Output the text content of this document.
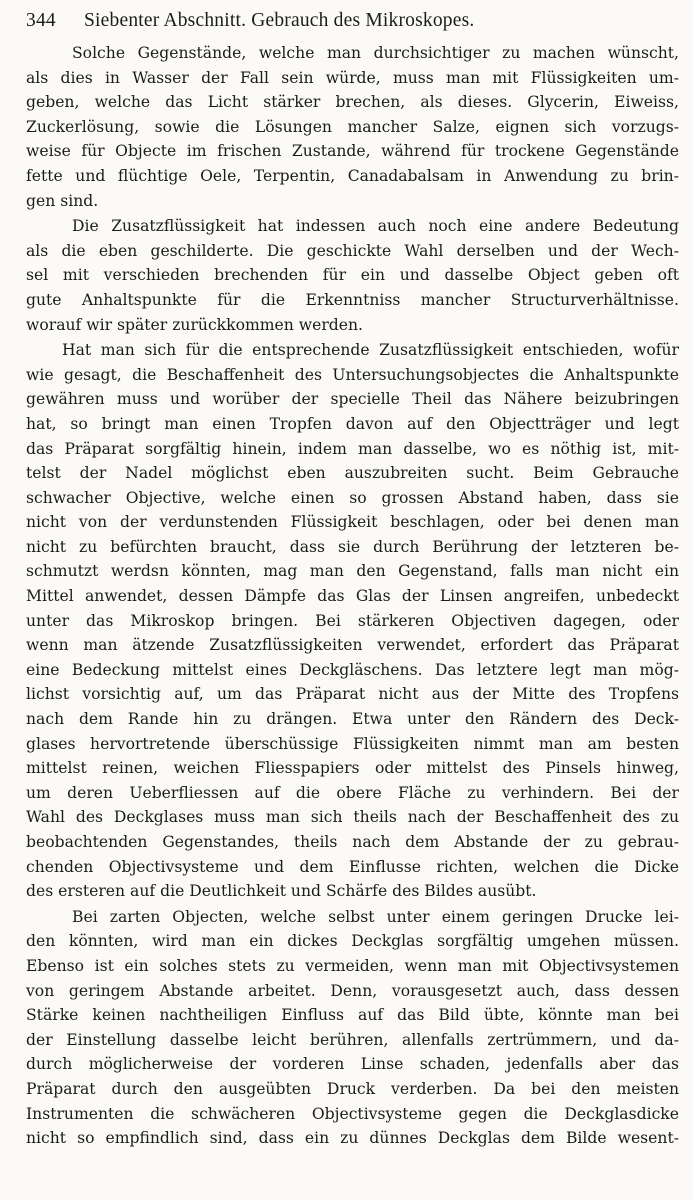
344	Siebenter Abschnitt. Gebrauch des Mikroskopes.
Solche Gegenstände, welche man durchsichtiger zu machen wünscht,
als dies in Wasser der Fall sein würde, muss man mit Flüssigkeiten um-
geben, welche das Licht stärker brechen, als dieses. Glycerin, Eiweiss,
Zuckerlösung, sowie die Lösungen mancher Salze, eignen sich vorzugs-
weise für Objecte im frischen Zustande, während für trockene Gegenstände
fette und flüchtige Oele, Terpentin, Canadabalsam in Anwendung zu brin-
gen sind.
Die Zusatzflüssigkeit hat indessen auch noch eine andere Bedeutung
als die eben geschilderte. Die geschickte Wahl derselben und der Wech-
sel mit verschieden brechenden für ein und dasselbe Object geben oft
gute Anhaltspunkte für die Erkenntniss mancher Structurverhältnisse.
worauf wir später zurückkommen werden.
Hat man sich für die entsprechende Zusatzflüssigkeit entschieden, wofür
wie gesagt, die Beschaffenheit des Untersuchungsobjectes die Anhaltspunkte
gewähren muss und worüber der specielle Theil das Nähere beizubringen
hat, so bringt man einen Tropfen davon auf den Objectträger und legt
das Präparat sorgfältig hinein, indem man dasselbe, wo es nöthig ist, mit-
telst der Nadel möglichst eben auszubreiten sucht. Beim Gebrauche
schwacher Objective, welche einen so grossen Abstand haben, dass sie
nicht von der verdunstenden Flüssigkeit beschlagen, oder bei denen man
nicht zu befürchten braucht, dass sie durch Berührung der letzteren be-
schmutzt werdsn könnten, mag man den Gegenstand, falls man nicht ein
Mittel anwendet, dessen Dämpfe das Glas der Linsen angreifen, unbedeckt
unter das Mikroskop bringen. Bei stärkeren Objectiven dagegen, oder
wenn man ätzende Zusatzflüssigkeiten verwendet, erfordert das Präparat
eine Bedeckung mittelst eines Deckgläschens. Das letztere legt man mög-
lichst vorsichtig auf, um das Präparat nicht aus der Mitte des Tropfens
nach dem Rande hin zu drängen. Etwa unter den Rändern des Deck-
glases hervortretende überschüssige Flüssigkeiten nimmt man am besten
mittelst reinen, weichen Fliesspapiers oder mittelst des Pinsels hinweg,
um deren Ueberfliessen auf die obere Fläche zu verhindern. Bei der
Wahl des Deckglases muss man sich theils nach der Beschaffenheit des zu
beobachtenden Gegenstandes, theils nach dem Abstande der zu gebrau-
chenden Objectivsysteme und dem Einflusse richten, welchen die Dicke
des ersteren auf die Deutlichkeit und Schärfe des Bildes ausübt.
Bei zarten Objecten, welche selbst unter einem geringen Drucke lei-
den könnten, wird man ein dickes Deckglas sorgfältig umgehen müssen.
Ebenso ist ein solches stets zu vermeiden, wenn man mit Objectivsystemen
von geringem Abstande arbeitet. Denn, vorausgesetzt auch, dass dessen
Stärke keinen nachtheiligen Einfluss auf das Bild übte, könnte man bei
der Einstellung dasselbe leicht berühren, allenfalls zertrümmern, und da-
durch möglicherweise der vorderen Linse schaden, jedenfalls aber das
Präparat durch den ausgeübten Druck verderben. Da bei den meisten
Instrumenten die schwächeren Objectivsysteme gegen die Deckglasdicke
nicht so empfindlich sind, dass ein zu dünnes Deckglas dem Bilde wesent-
